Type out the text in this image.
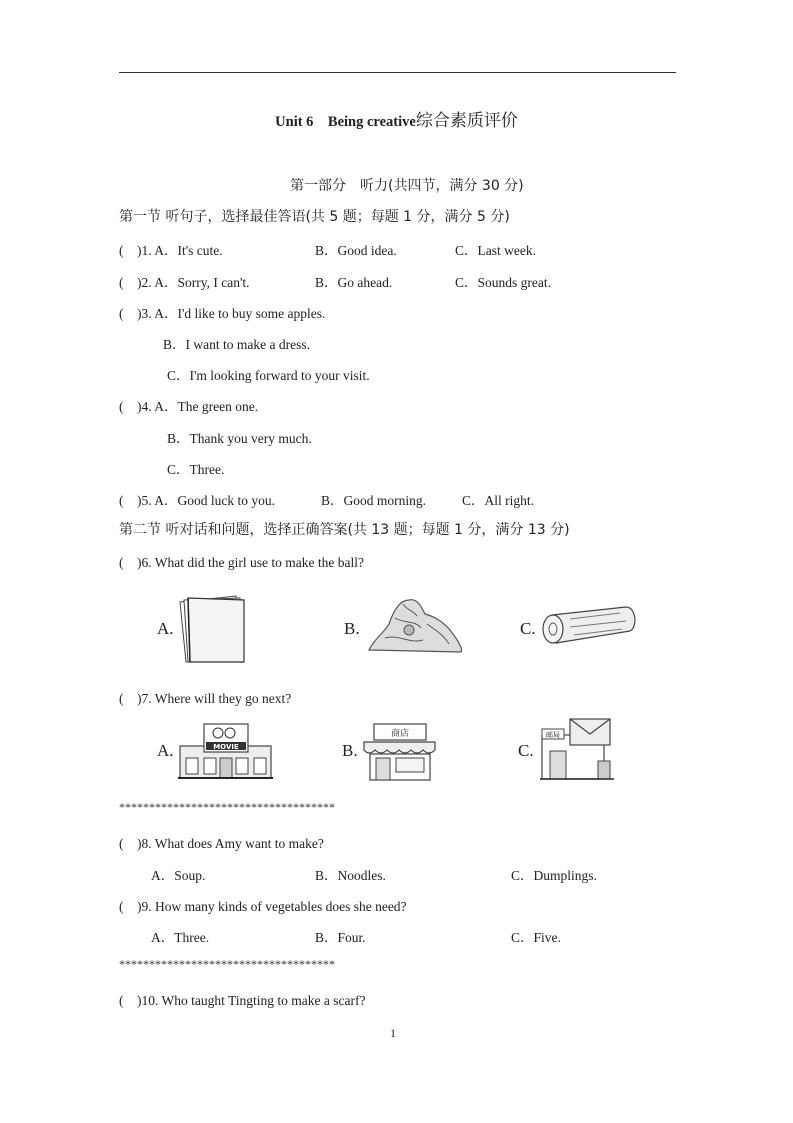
Unit 6　Being creative综合素质评价
第一部分　听力(共四节，满分 30 分)
第一节 听句子，选择最佳答语(共 5 题；每题 1 分，满分 5 分)
(　)1. A．It's cute.	B．Good idea.	C．Last week.
(　)2. A．Sorry, I can't.	B．Go ahead.	C．Sounds great.
(　)3. A．I'd like to buy some apples.
B．I want to make a dress.
C．I'm looking forward to your visit.
(　)4. A．The green one.
B．Thank you very much.
C．Three.
(　)5. A．Good luck to you.	B．Good morning.	C．All right.
第二节 听对话和问题，选择正确答案(共 13 题；每题 1 分，满分 13 分)
(　)6. What did the girl use to make the ball?
A.	B.	C.
(　)7. Where will they go next?
A.	MOVIE	B.
商店
C.
邮局
************************************
(　)8. What does Amy want to make?
A．Soup.	B．Noodles.	C．Dumplings.
(　)9. How many kinds of vegetables does she need?
A．Three.	B．Four.	C．Five.
************************************
(　)10. Who taught Tingting to make a scarf?
1
